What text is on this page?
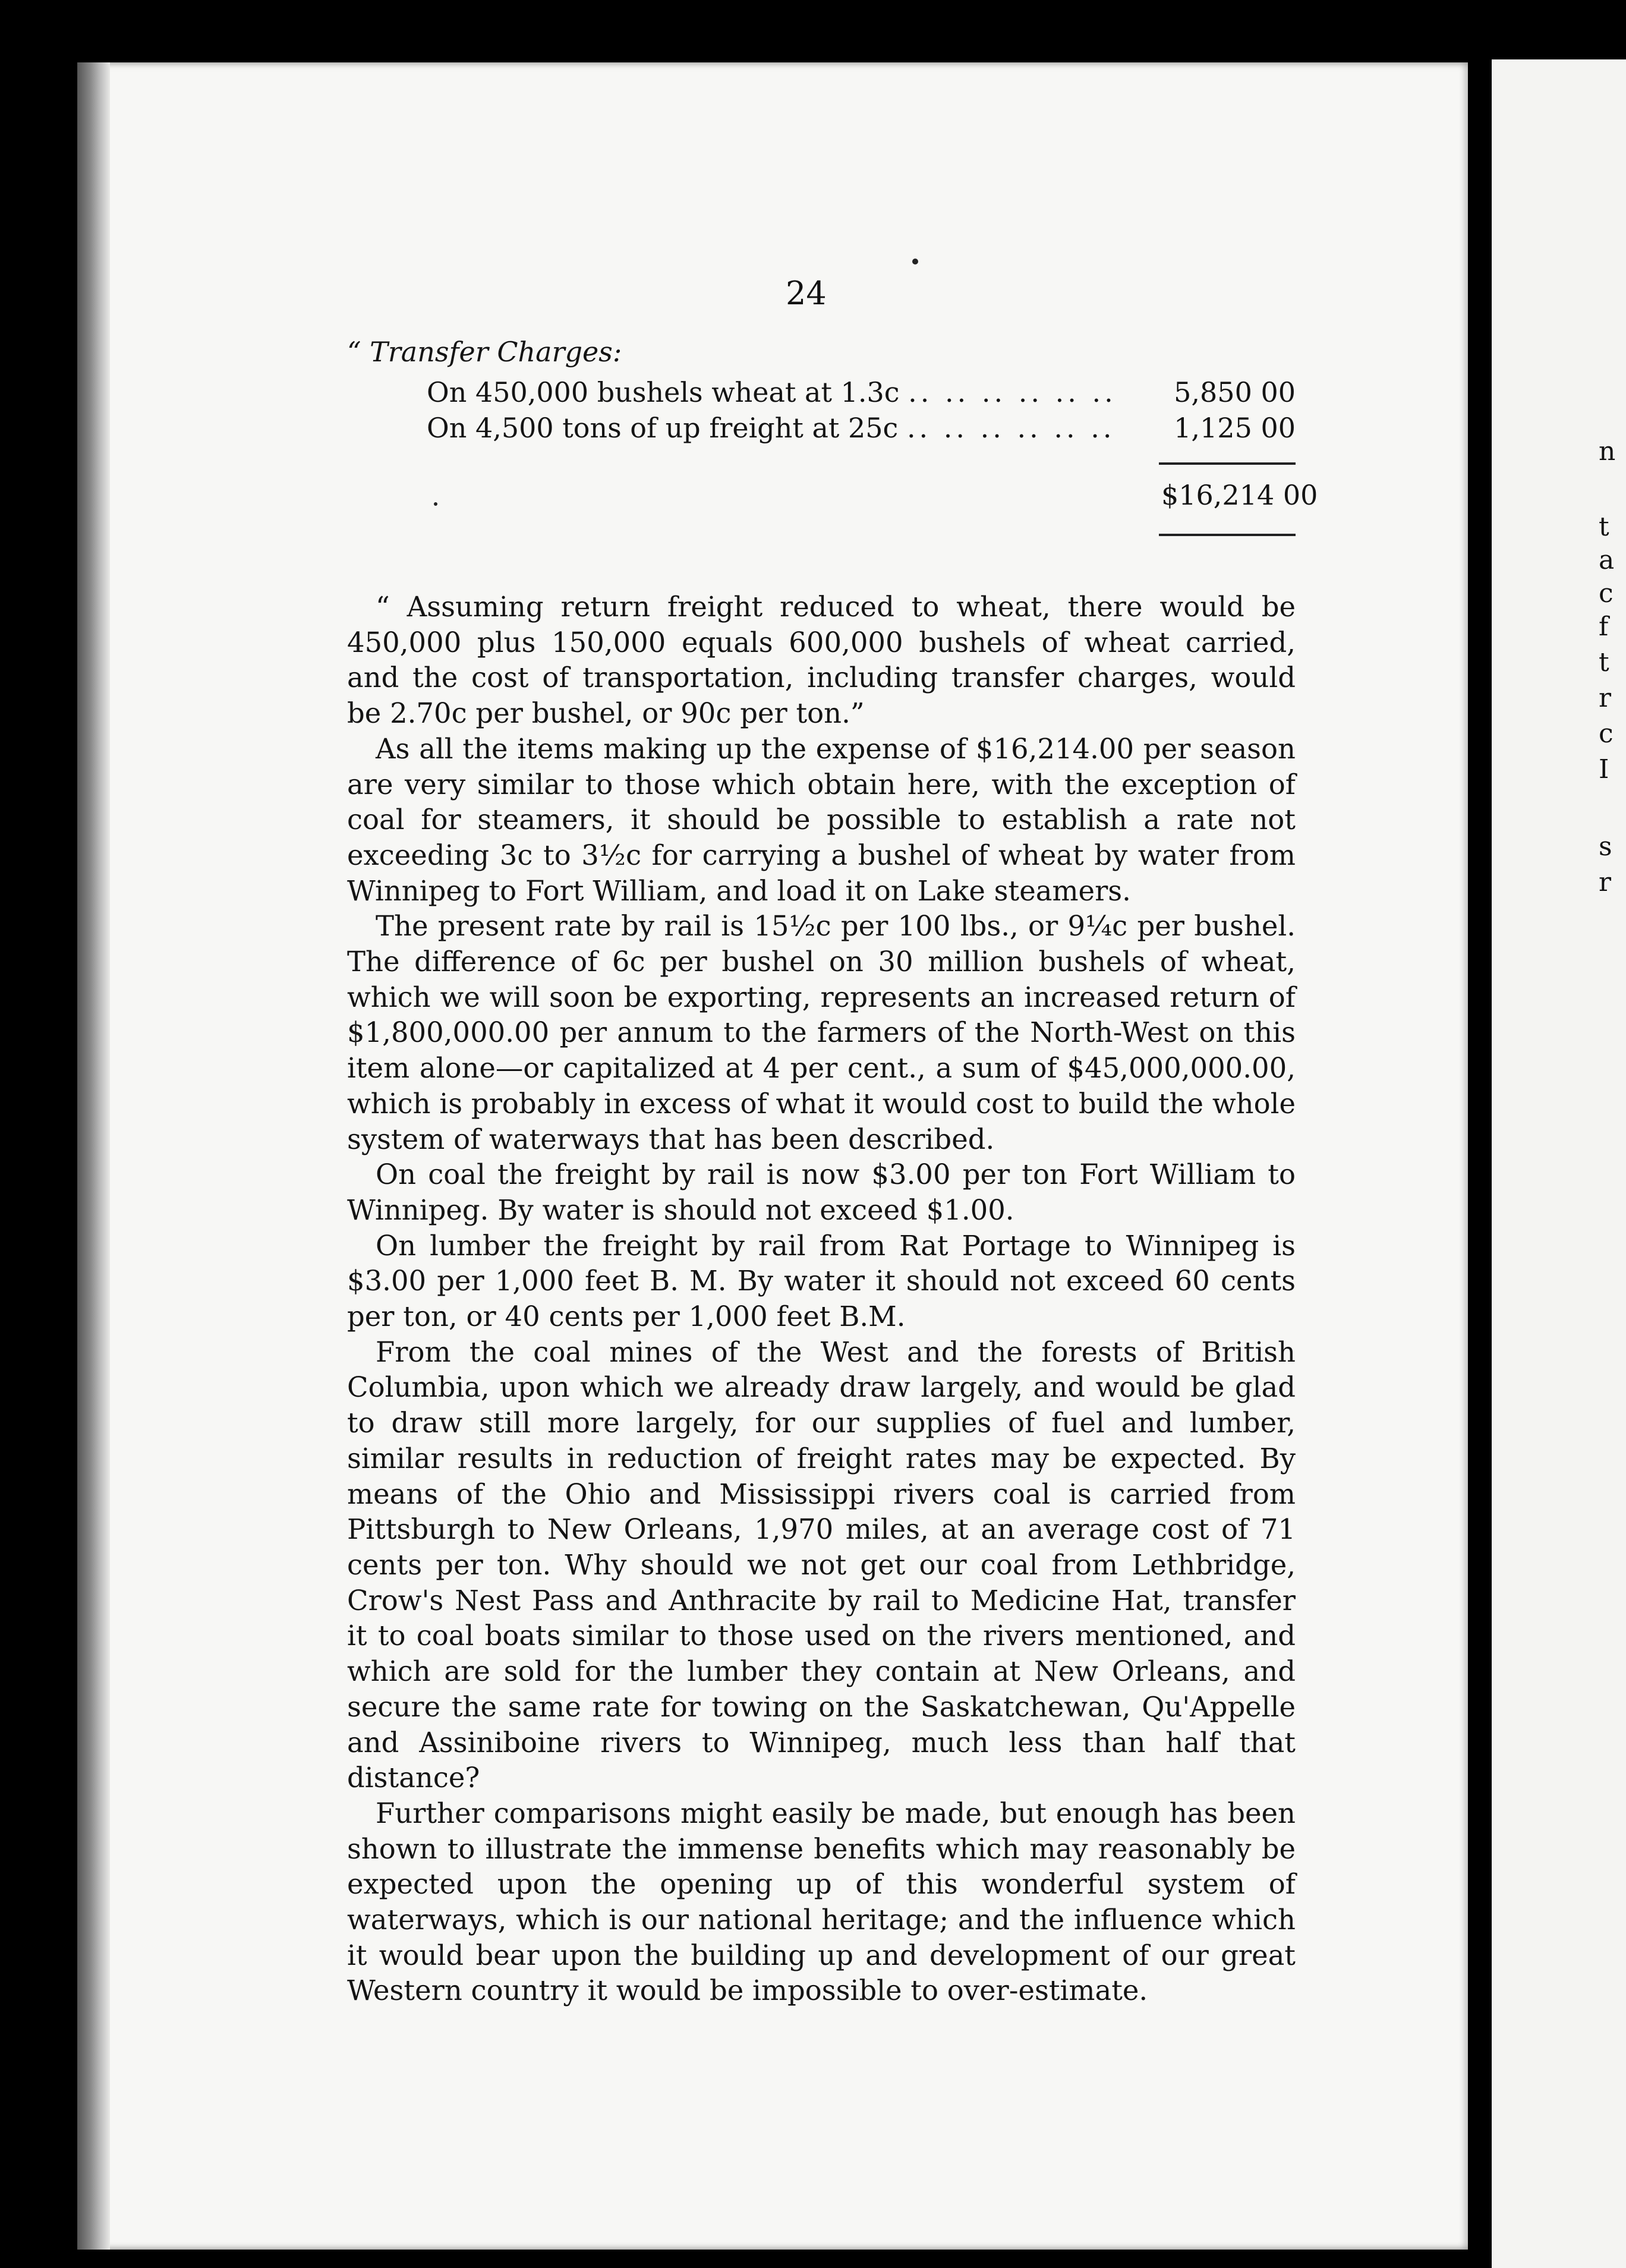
n
t
a
c
f
t
r
c
I
s
r
24
“ Transfer Charges:
On 450,000 bushels wheat at 1.3c .. .. .. .. .. .. 5,850 00
On 4,500 tons of up freight at 25c .. .. .. .. .. .. 1,125 00
$16,214 00

“ Assuming return freight reduced to wheat, there would be 450,000 plus 150,000 equals 600,000 bushels of wheat carried, and the cost of transportation, including transfer charges, would be 2.70c per bushel, or 90c per ton.”

As all the items making up the expense of $16,214.00 per season are very similar to those which obtain here, with the exception of coal for steamers, it should be possible to establish a rate not exceeding 3c to 3½c for carrying a bushel of wheat by water from Winnipeg to Fort William, and load it on Lake steamers.

The present rate by rail is 15½c per 100 lbs., or 9¼c per bushel. The difference of 6c per bushel on 30 million bushels of wheat, which we will soon be exporting, represents an increased return of $1,800,000.00 per annum to the farmers of the North-West on this item alone—or capitalized at 4 per cent., a sum of $45,000,000.00, which is probably in excess of what it would cost to build the whole system of waterways that has been described.

On coal the freight by rail is now $3.00 per ton Fort William to Winnipeg. By water is should not exceed $1.00.

On lumber the freight by rail from Rat Portage to Winnipeg is $3.00 per 1,000 feet B. M. By water it should not exceed 60 cents per ton, or 40 cents per 1,000 feet B.M.

From the coal mines of the West and the forests of British Columbia, upon which we already draw largely, and would be glad to draw still more largely, for our supplies of fuel and lumber, similar results in reduction of freight rates may be expected. By means of the Ohio and Mississippi rivers coal is carried from Pittsburgh to New Orleans, 1,970 miles, at an average cost of 71 cents per ton. Why should we not get our coal from Lethbridge, Crow's Nest Pass and Anthracite by rail to Medicine Hat, transfer it to coal boats similar to those used on the rivers mentioned, and which are sold for the lumber they contain at New Orleans, and secure the same rate for towing on the Saskatchewan, Qu'Appelle and Assiniboine rivers to Winnipeg, much less than half that distance?

Further comparisons might easily be made, but enough has been shown to illustrate the immense benefits which may reasonably be expected upon the opening up of this wonderful system of waterways, which is our national heritage; and the influence which it would bear upon the building up and development of our great Western country it would be impossible to over-estimate.
